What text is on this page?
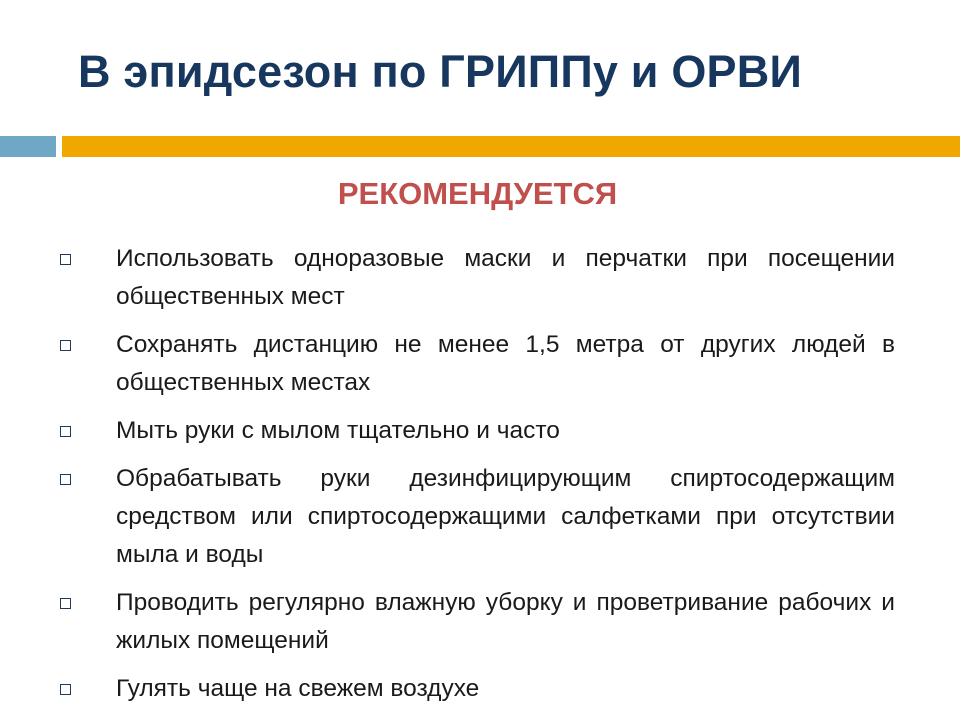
В эпидсезон по ГРИППу и ОРВИ
РЕКОМЕНДУЕТСЯ
Использовать одноразовые маски и перчатки при посещении общественных мест
Сохранять дистанцию не менее 1,5 метра от других людей в общественных местах
Мыть руки с мылом тщательно и часто
Обрабатывать руки дезинфицирующим спиртосодержащим средством или спиртосодержащими салфетками при отсутствии мыла и воды
Проводить регулярно влажную уборку и проветривание рабочих и жилых помещений
Гулять чаще на свежем воздухе
